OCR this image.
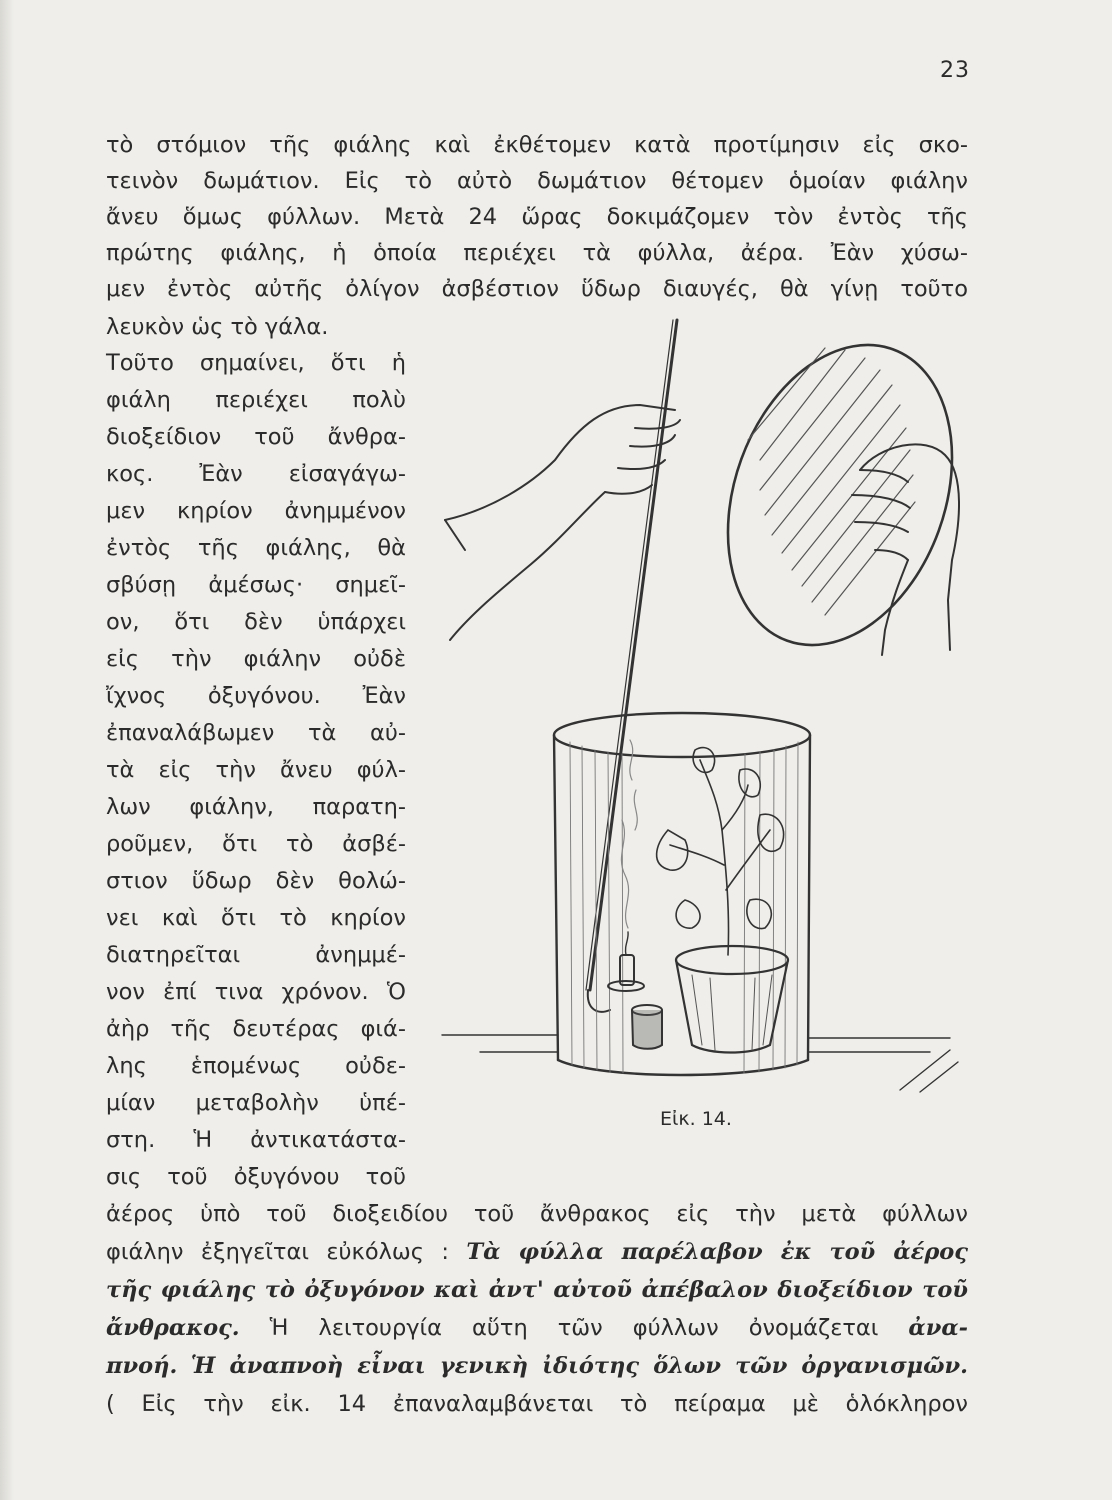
23
τὸ στόμιον τῆς φιάλης καὶ ἐκθέτομεν κατὰ προτίμησιν εἰς σκο-
τεινὸν δωμάτιον. Εἰς τὸ αὐτὸ δωμάτιον θέτομεν ὁμοίαν φιάλην
ἄνευ ὅμως φύλλων. Μετὰ 24 ὥρας δοκιμάζομεν τὸν ἐντὸς τῆς
πρώτης φιάλης, ἡ ὁποία περιέχει τὰ φύλλα, ἀέρα. Ἐὰν χύσω-
μεν ἐντὸς αὐτῆς ὀλίγον ἀσβέστιον ὕδωρ διαυγές, θὰ γίνῃ τοῦτο
λευκὸν ὡς τὸ γάλα.
Τοῦτο σημαίνει, ὅτι ἡ
φιάλη περιέχει πολὺ
διοξείδιον τοῦ ἄνθρα-
κος. Ἐὰν εἰσαγάγω-
μεν κηρίον ἀνημμένον
ἐντὸς τῆς φιάλης, θὰ
σβύσῃ ἀμέσως· σημεῖ-
ον, ὅτι δὲν ὑπάρχει
εἰς τὴν φιάλην οὐδὲ
ἴχνος ὀξυγόνου. Ἐὰν
ἐπαναλάβωμεν τὰ αὐ-
τὰ εἰς τὴν ἄνευ φύλ-
λων φιάλην, παρατη-
ροῦμεν, ὅτι τὸ ἀσβέ-
στιον ὕδωρ δὲν θολώ-
νει καὶ ὅτι τὸ κηρίον
διατηρεῖται ἀνημμέ-
νον ἐπί τινα χρόνον. Ὁ
ἀὴρ τῆς δευτέρας φιά-
λης ἑπομένως οὐδε-
μίαν μεταβολὴν ὑπέ-
στη. Ἡ ἀντικατάστα-
σις τοῦ ὀξυγόνου τοῦ
ἀέρος ὑπὸ τοῦ διοξειδίου τοῦ ἄνθρακος εἰς τὴν μετὰ φύλλων
φιάλην ἐξηγεῖται εὐκόλως : Τὰ φύλλα παρέλαβον ἐκ τοῦ ἀέρος
τῆς φιάλης τὸ ὀξυγόνον καὶ ἀντ' αὐτοῦ ἀπέβαλον διοξείδιον τοῦ
ἄνθρακος. Ἡ λειτουργία αὕτη τῶν φύλλων ὀνομάζεται ἀνα-
πνοή. Ἡ ἀναπνοὴ εἶναι γενικὴ ἰδιότης ὅλων τῶν ὀργανισμῶν.
( Εἰς τὴν εἰκ. 14 ἐπαναλαμβάνεται τὸ πείραμα μὲ ὁλόκληρον
Εἰκ. 14.
